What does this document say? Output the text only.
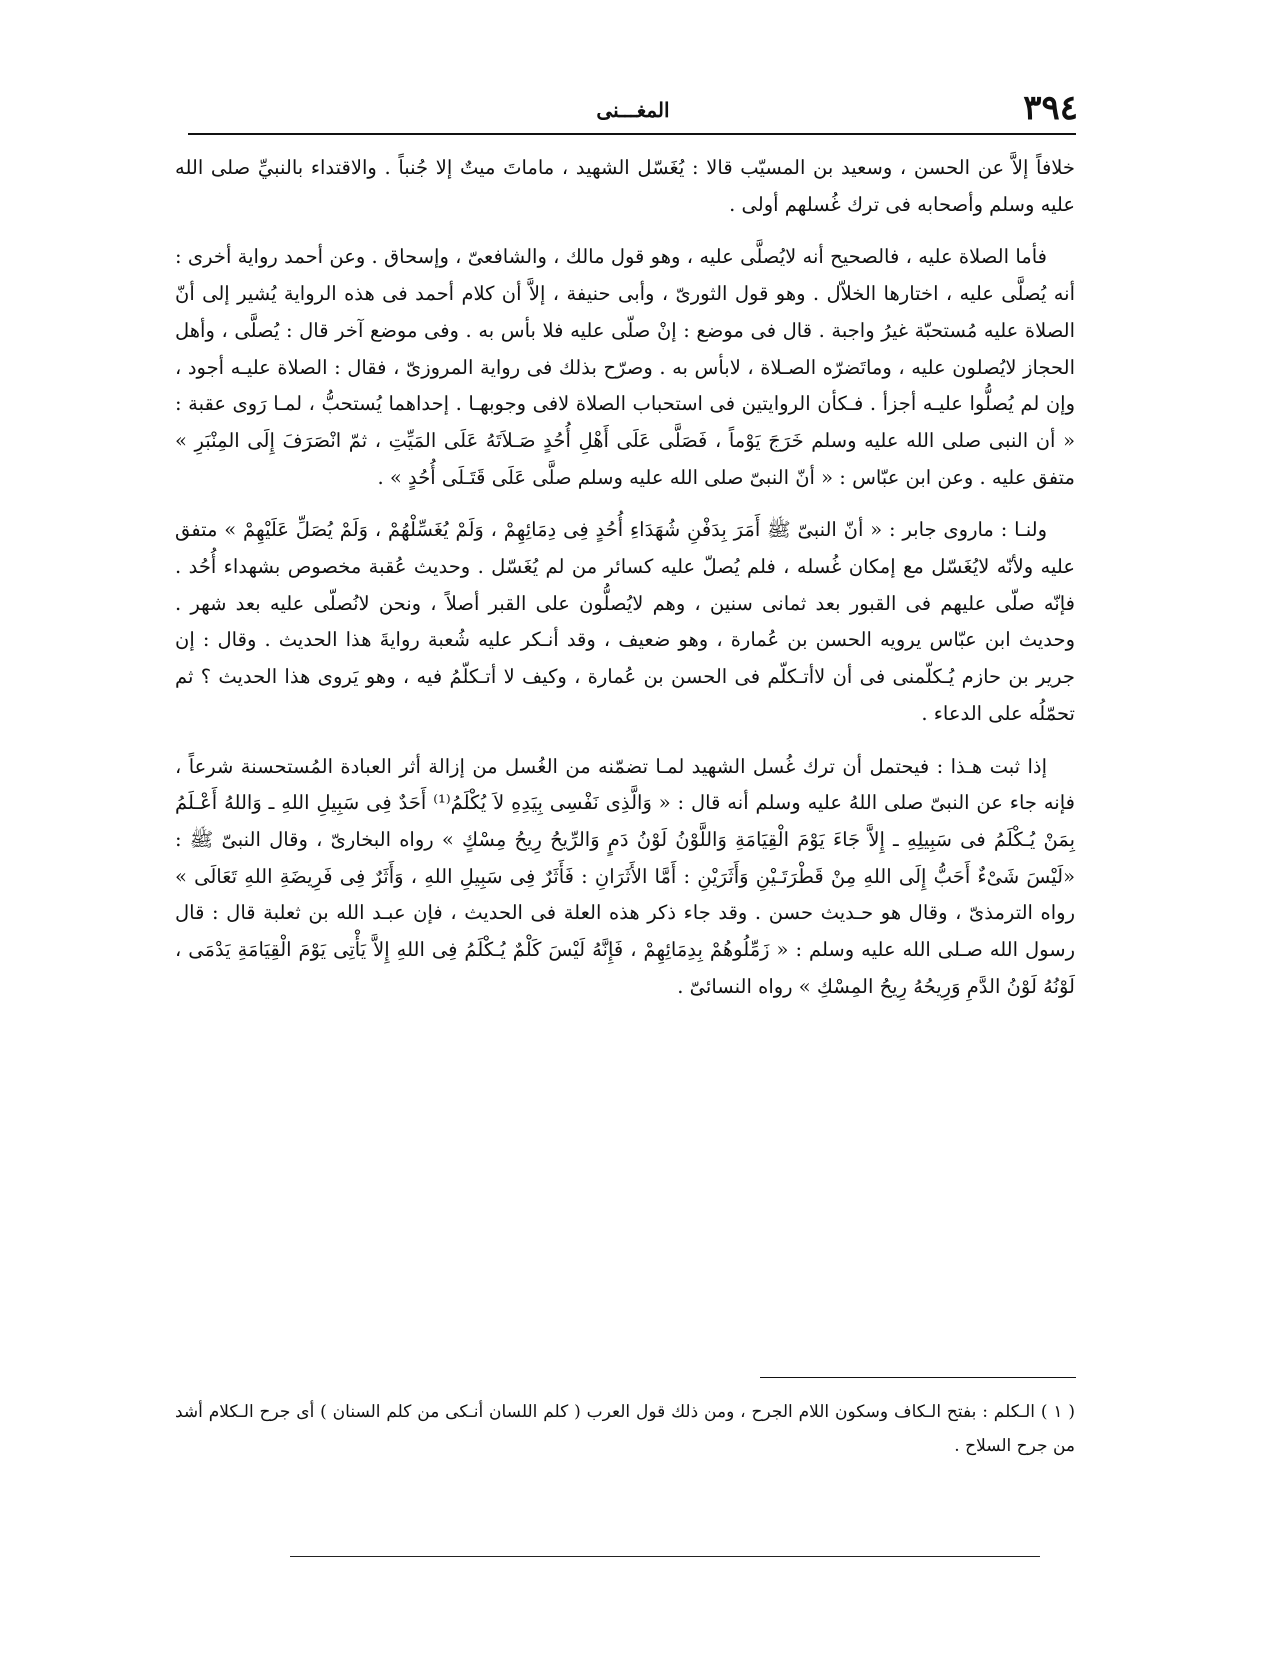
٣٩٤
المغـــنى

خلافاً إلاَّ عن الحسن ، وسعيد بن المسيّب قالا : يُغَسّل الشهيد ، ماماتَ ميتٌ إلا جُنباً . والاقتداء بالنبيِّ صلى الله عليه وسلم وأصحابه فى ترك غُسلهم أولى .

فأما الصلاة عليه ، فالصحيح أنه لايُصلَّى عليه ، وهو قول مالك ، والشافعىّ ، وإسحاق . وعن أحمد رواية أخرى : أنه يُصلَّى عليه ، اختارها الخلاّل . وهو قول الثورىّ ، وأبى حنيفة ، إلاَّ أن كلام أحمد فى هذه الرواية يُشير إلى أنّ الصلاة عليه مُستحبّة غيرُ واجبة . قال فى موضع : إنْ صلّى عليه فلا بأس به . وفى موضع آخر قال : يُصلَّى ، وأهل الحجاز لايُصلون عليه ، وماتَضرّه الصـلاة ، لابأس به . وصرّح بذلك فى رواية المروزىّ ، فقال : الصلاة عليـه أجود ، وإن لم يُصلُّوا عليـه أجزأ . فـكأن الروايتين فى استحباب الصلاة لافى وجوبهـا . إحداهما يُستحبُّ ، لمـا رَوى عقبة : « أن النبى صلى الله عليه وسلم خَرَجَ يَوْماً ، فَصَلَّى عَلَى أَهْلِ أُحُدٍ صَـلاَتَهُ عَلَى المَيِّتِ ، ثمّ انْصَرَفَ إِلَى المِنْبَرِ » متفق عليه . وعن ابن عبّاس : « أنّ النبىّ صلى الله عليه وسلم صلَّى عَلَى قَتَـلَى أُحُدٍ » .

ولنـا : ماروى جابر : « أنّ النبىّ ﷺ أَمَرَ بِدَفْنِ شُهَدَاءِ أُحُدٍ فِى دِمَائِهِمْ ، وَلَمْ يُغَسِّلْهُمْ ، وَلَمْ يُصَلِّ عَلَيْهِمْ » متفق عليه ولأنّه لايُغَسّل مع إمكان غُسله ، فلم يُصلّ عليه كسائر من لم يُغَسّل . وحديث عُقبة مخصوص بشهداء أُحُد . فإنّه صلّى عليهم فى القبور بعد ثمانى سنين ، وهم لايُصلُّون على القبر أصلاً ، ونحن لانُصلّى عليه بعد شهر . وحديث ابن عبّاس يرويه الحسن بن عُمارة ، وهو ضعيف ، وقد أنـكر عليه شُعبة روايةَ هذا الحديث . وقال : إن جرير بن حازم يُـكلّمنى فى أن لاأتـكلّم فى الحسن بن عُمارة ، وكيف لا أتـكلّمُ فيه ، وهو يَروى هذا الحديث ؟ ثم تحمّلُه على الدعاء .

إذا ثبت هـذا : فيحتمل أن ترك غُسل الشهيد لمـا تضمّنه من الغُسل من إزالة أثر العبادة المُستحسنة شرعاً ، فإنه جاء عن النبىّ صلى اللهُ عليه وسلم أنه قال : « وَالَّذِى نَفْسِى بِيَدِهِ لاَ يُكْلَمُ⁽¹⁾ أَحَدٌ فِى سَبِيلِ اللهِ ـ وَاللهُ أَعْـلَمُ بِمَنْ يُـكْلَمُ فى سَبِيلِهِ ـ إِلاَّ جَاءَ يَوْمَ الْقِيَامَةِ وَاللَّوْنُ لَوْنُ دَمٍ وَالرِّيحُ رِيحُ مِسْكٍ » رواه البخارىّ ، وقال النبىّ ﷺ : «لَيْسَ شَىْءٌ أَحَبُّ إِلَى اللهِ مِنْ قَطْرَتَـيْنِ وَأَثَرَيْنِ : أَمَّا الأَثَرَانِ : فَأَثَرٌ فِى سَبِيلِ اللهِ ، وَأَثَرٌ فِى فَرِيضَةِ اللهِ تَعَالَى » رواه الترمذىّ ، وقال هو حـديث حسن . وقد جاء ذكر هذه العلة فى الحديث ، فإن عبـد الله بن ثعلبة قال : قال رسول الله صـلى الله عليه وسلم : « زَمِّلُوهُمْ بِدِمَائِهِمْ ، فَإِنَّهُ لَيْسَ كَلْمٌ يُـكْلَمُ فِى اللهِ إِلاَّ يَأْتِى يَوْمَ الْقِيَامَةِ يَدْمَى ، لَوْنُهُ لَوْنُ الدَّمِ وَرِيحُهُ رِيحُ المِسْكِ » رواه النسائىّ .

( ١ ) الـكلم : بفتح الـكاف وسكون اللام الجرح ، ومن ذلك قول العرب ( كلم اللسان أنـكى من كلم السنان ) أى جرح الـكلام أشد من جرح السلاح .
